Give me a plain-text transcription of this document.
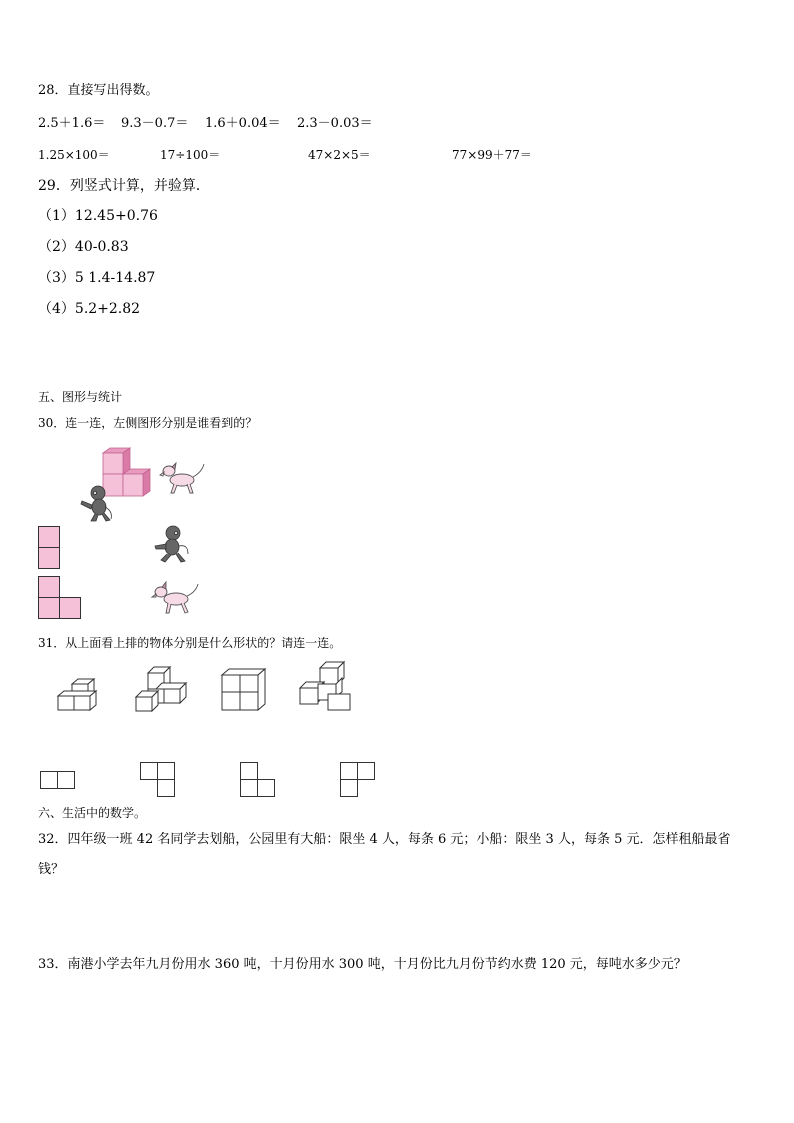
28．直接写出得数。
2.5＋1.6＝ 9.3－0.7＝ 1.6＋0.04＝ 2.3－0.03＝
1.25×100＝	17÷100＝	47×2×5＝	77×99＋77＝
29．列竖式计算，并验算．
（1）12.45+0.76
（2）40-0.83
（3）5 1.4-14.87
（4）5.2+2.82
五、图形与统计
30．连一连，左侧图形分别是谁看到的？
31．从上面看上排的物体分别是什么形状的？请连一连。
六、生活中的数学。
32．四年级一班 42 名同学去划船，公园里有大船：限坐 4 人，每条 6 元；小船：限坐 3 人，每条 5 元．怎样租船最省
钱？
33．南港小学去年九月份用水 360 吨，十月份用水 300 吨，十月份比九月份节约水费 120 元，每吨水多少元？
